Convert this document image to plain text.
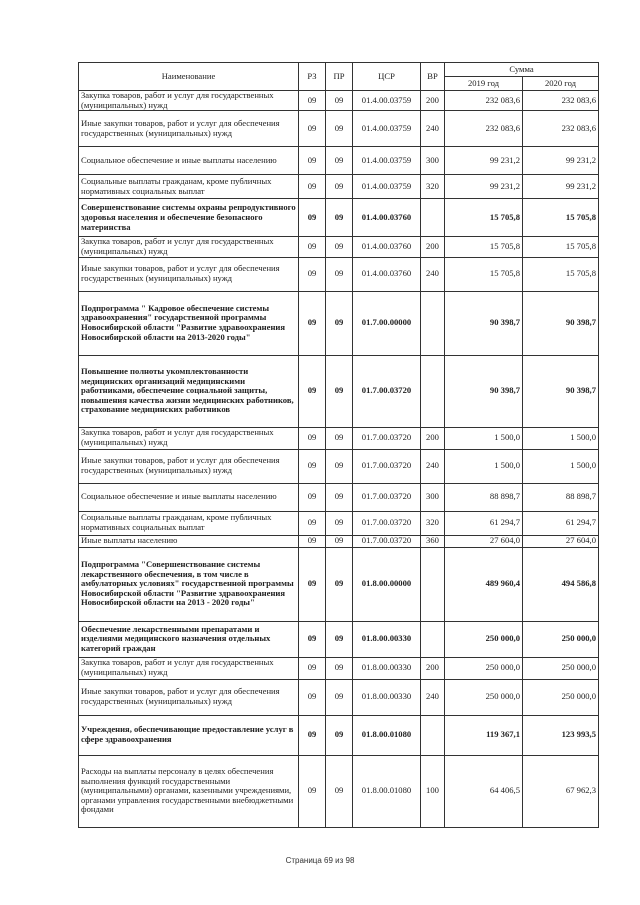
Наименование	РЗ	ПР	ЦСР	ВР	Сумма	
					2019 год	2020 год
Закупка товаров, работ и услуг для государственных (муниципальных) нужд	09	09	01.4.00.03759	200	232 083,6	232 083,6
Иные закупки товаров, работ и услуг для обеспечения государственных (муниципальных) нужд	09	09	01.4.00.03759	240	232 083,6	232 083,6
Социальное обеспечение и иные выплаты населению	09	09	01.4.00.03759	300	99 231,2	99 231,2
Социальные выплаты гражданам, кроме публичных нормативных социальных выплат	09	09	01.4.00.03759	320	99 231,2	99 231,2
Совершенствование системы охраны репродуктивного здоровья населения и обеспечение безопасного материнства	09	09	01.4.00.03760		15 705,8	15 705,8
Закупка товаров, работ и услуг для государственных (муниципальных) нужд	09	09	01.4.00.03760	200	15 705,8	15 705,8
Иные закупки товаров, работ и услуг для обеспечения государственных (муниципальных) нужд	09	09	01.4.00.03760	240	15 705,8	15 705,8
Подпрограмма " Кадровое обеспечение системы здравоохранения" государственной программы Новосибирской области "Развитие здравоохранения Новосибирской области на 2013-2020 годы"	09	09	01.7.00.00000		90 398,7	90 398,7
Повышение полноты укомплектованности медицинских организаций медицинскими работниками, обеспечение социальной защиты, повышения качества жизни медицинских работников, страхование медицинских работников	09	09	01.7.00.03720		90 398,7	90 398,7
Закупка товаров, работ и услуг для государственных (муниципальных) нужд	09	09	01.7.00.03720	200	1 500,0	1 500,0
Иные закупки товаров, работ и услуг для обеспечения государственных (муниципальных) нужд	09	09	01.7.00.03720	240	1 500,0	1 500,0
Социальное обеспечение и иные выплаты населению	09	09	01.7.00.03720	300	88 898,7	88 898,7
Социальные выплаты гражданам, кроме публичных нормативных социальных выплат	09	09	01.7.00.03720	320	61 294,7	61 294,7
Иные выплаты населению	09	09	01.7.00.03720	360	27 604,0	27 604,0
Подпрограмма "Совершенствование системы лекарственного обеспечения, в том числе в амбулаторных условиях" государственной программы Новосибирской области "Развитие здравоохранения Новосибирской области на 2013 - 2020 годы"	09	09	01.8.00.00000		489 960,4	494 586,8
Обеспечение лекарственными препаратами и изделиями медицинского назначения отдельных категорий граждан	09	09	01.8.00.00330		250 000,0	250 000,0
Закупка товаров, работ и услуг для государственных (муниципальных) нужд	09	09	01.8.00.00330	200	250 000,0	250 000,0
Иные закупки товаров, работ и услуг для обеспечения государственных (муниципальных) нужд	09	09	01.8.00.00330	240	250 000,0	250 000,0
Учреждения, обеспечивающие предоставление услуг в сфере здравоохранения	09	09	01.8.00.01080		119 367,1	123 993,5
Расходы на выплаты персоналу в целях обеспечения выполнения функций государственными (муниципальными) органами, казенными учреждениями, органами управления государственными внебюджетными фондами	09	09	01.8.00.01080	100	64 406,5	67 962,3
Страница 69 из 98
